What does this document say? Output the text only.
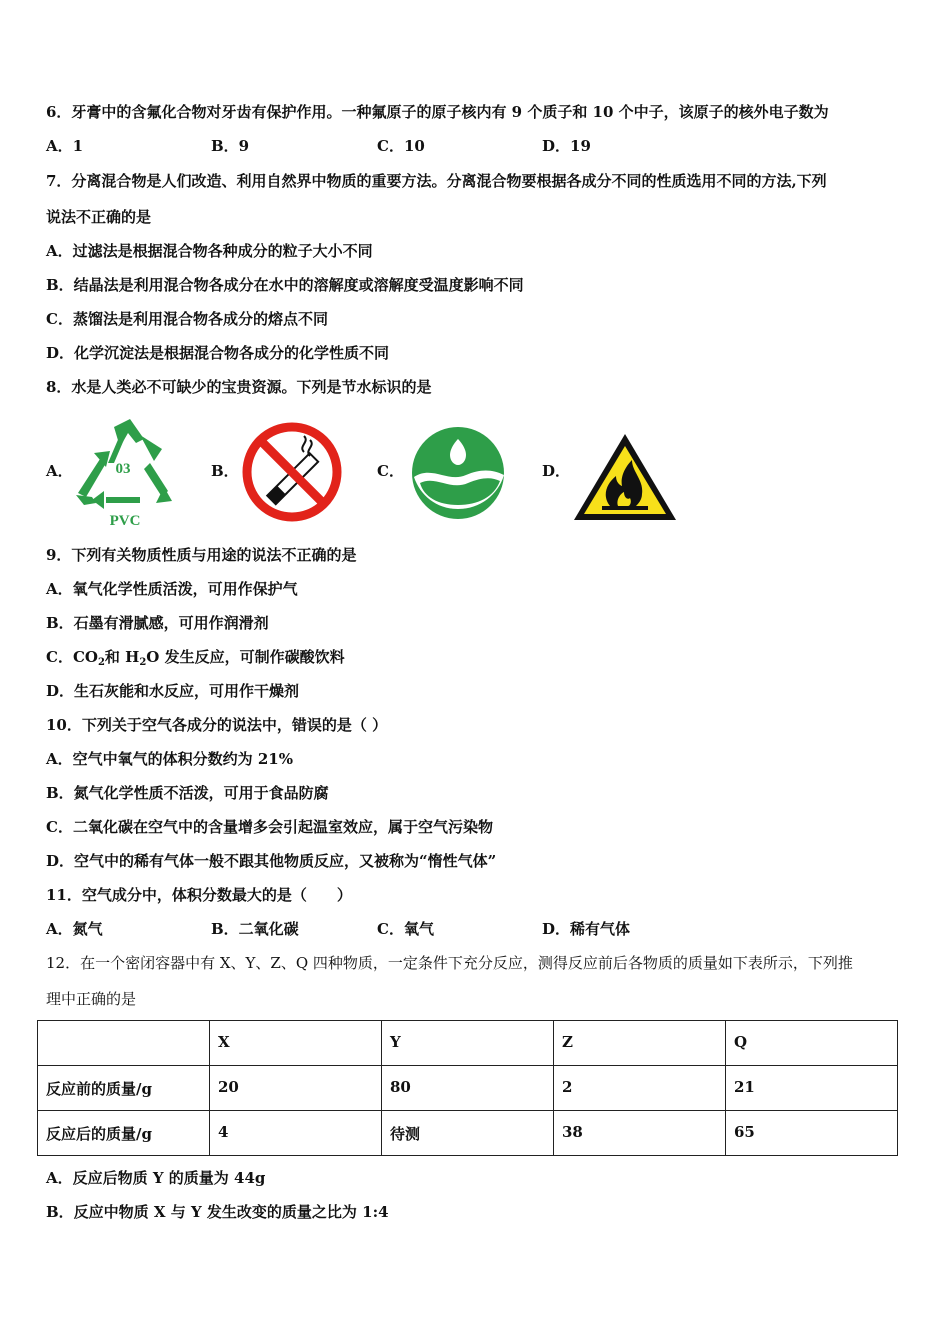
6．牙膏中的含氟化合物对牙齿有保护作用。一种氟原子的原子核内有 9 个质子和 10 个中子，该原子的核外电子数为
A．1	B．9	C．10	D．19
7．分离混合物是人们改造、利用自然界中物质的重要方法。分离混合物要根据各成分不同的性质选用不同的方法,下列
说法不正确的是
A．过滤法是根据混合物各种成分的粒子大小不同
B．结晶法是利用混合物各成分在水中的溶解度或溶解度受温度影响不同
C．蒸馏法是利用混合物各成分的熔点不同
D．化学沉淀法是根据混合物各成分的化学性质不同
8．水是人类必不可缺少的宝贵资源。下列是节水标识的是
A．	03
PVC
B．	C．	D．
9．下列有关物质性质与用途的说法不正确的是
A．氧气化学性质活泼，可用作保护气
B．石墨有滑腻感，可用作润滑剂
C．$CO_2$和 $H_2O$ 发生反应，可制作碳酸饮料
D．生石灰能和水反应，可用作干燥剂
10．下列关于空气各成分的说法中，错误的是（ ）
A．空气中氧气的体积分数约为 21%
B．氮气化学性质不活泼，可用于食品防腐
C．二氧化碳在空气中的含量增多会引起温室效应，属于空气污染物
D．空气中的稀有气体一般不跟其他物质反应，又被称为“惰性气体”
11．空气成分中，体积分数最大的是（　　）
A．氮气	B．二氧化碳	C．氧气	D．稀有气体
12．在一个密闭容器中有 X、Y、Z、Q 四种物质，一定条件下充分反应，测得反应前后各物质的质量如下表所示，下列推
理中正确的是
	X	Y	Z	Q
反应前的质量/g	20	80	2	21
反应后的质量/g	4	待测	38	65
A．反应后物质 Y 的质量为 44g
B．反应中物质 X 与 Y 发生改变的质量之比为 1:4
